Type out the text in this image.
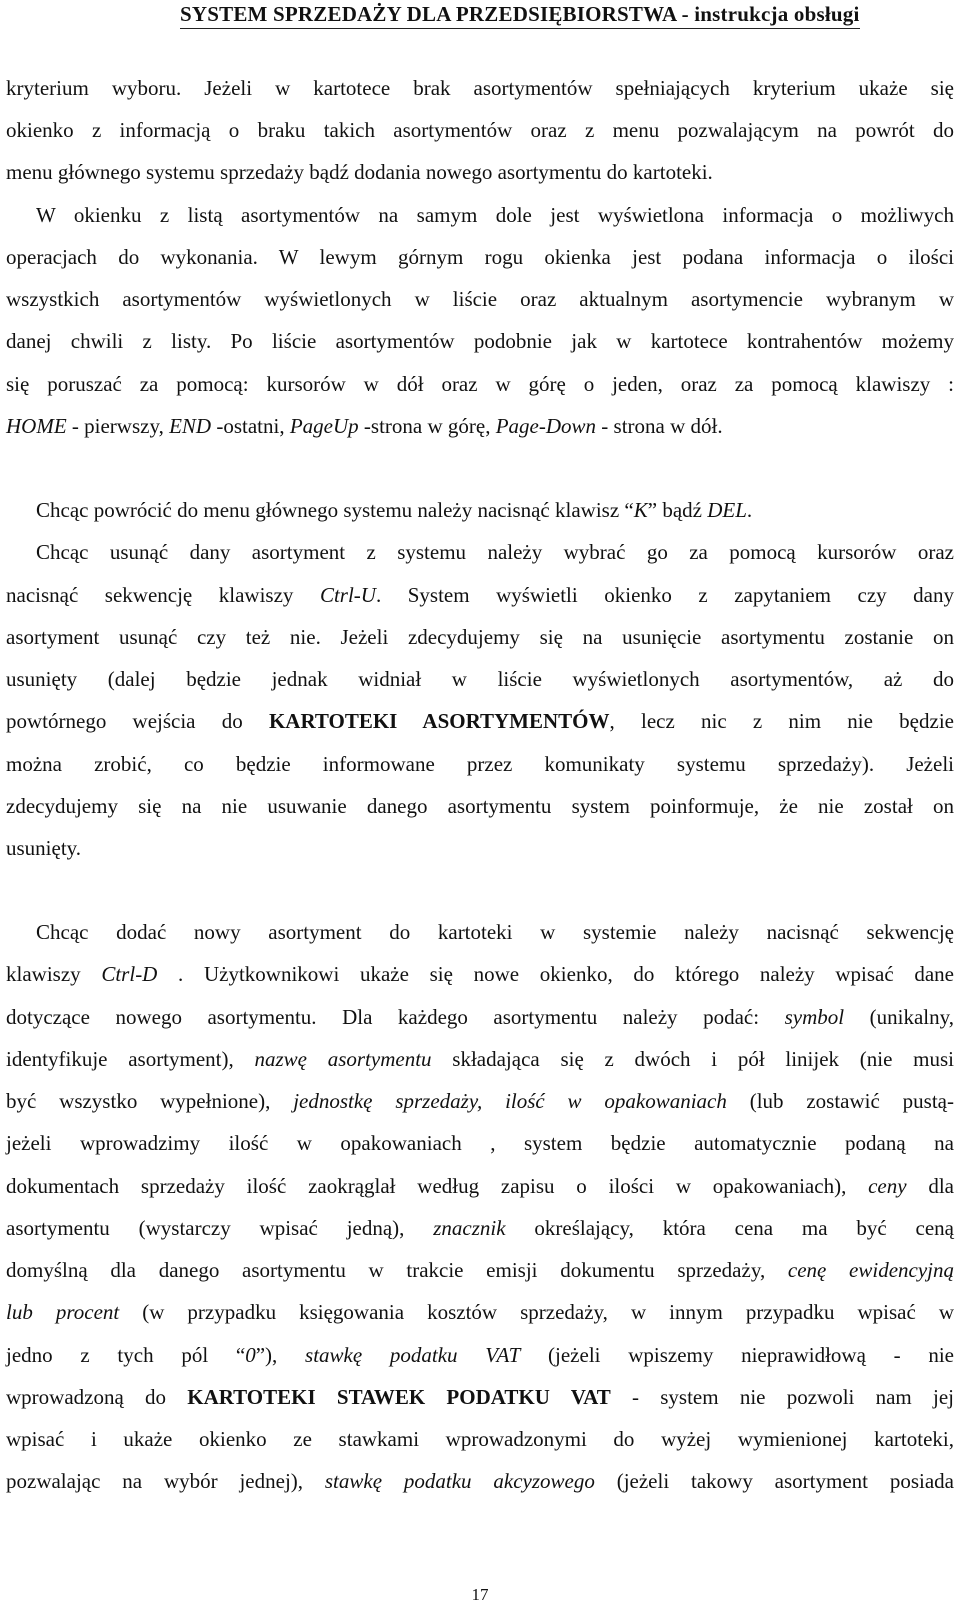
SYSTEM SPRZEDAŻY DLA PRZEDSIĘBIORSTWA - instrukcja obsługi
kryterium wyboru. Jeżeli w kartotece brak asortymentów spełniających kryterium ukaże się
okienko z informacją o braku takich asortymentów oraz z menu pozwalającym na powrót do
menu głównego systemu sprzedaży bądź dodania nowego asortymentu do kartoteki.
W okienku z listą asortymentów na samym dole jest wyświetlona informacja o możliwych
operacjach do wykonania. W lewym górnym rogu okienka jest podana informacja o ilości
wszystkich asortymentów wyświetlonych w liście oraz aktualnym asortymencie wybranym w
danej chwili z listy. Po liście asortymentów podobnie jak w kartotece kontrahentów możemy
się poruszać za pomocą: kursorów w dół oraz w górę o jeden, oraz za pomocą klawiszy :
HOME - pierwszy, END -ostatni, PageUp -strona w górę, Page-Down - strona w dół.
Chcąc powrócić do menu głównego systemu należy nacisnąć klawisz “K” bądź DEL.
Chcąc usunąć dany asortyment z systemu należy wybrać go za pomocą kursorów oraz
nacisnąć sekwencję klawiszy Ctrl-U. System wyświetli okienko z zapytaniem czy dany
asortyment usunąć czy też nie. Jeżeli zdecydujemy się na usunięcie asortymentu zostanie on
usunięty (dalej będzie jednak widniał w liście wyświetlonych asortymentów, aż do
powtórnego wejścia do KARTOTEKI ASORTYMENTÓW, lecz nic z nim nie będzie
można zrobić, co będzie informowane przez komunikaty systemu sprzedaży). Jeżeli
zdecydujemy się na nie usuwanie danego asortymentu system poinformuje, że nie został on
usunięty.
Chcąc dodać nowy asortyment do kartoteki w systemie należy nacisnąć sekwencję
klawiszy Ctrl-D . Użytkownikowi ukaże się nowe okienko, do którego należy wpisać dane
dotyczące nowego asortymentu. Dla każdego asortymentu należy podać: symbol (unikalny,
identyfikuje asortyment), nazwę asortymentu składająca się z dwóch i pół linijek (nie musi
być wszystko wypełnione), jednostkę sprzedaży, ilość w opakowaniach (lub zostawić pustą-
jeżeli wprowadzimy ilość w opakowaniach , system będzie automatycznie podaną na
dokumentach sprzedaży ilość zaokrąglał według zapisu o ilości w opakowaniach), ceny dla
asortymentu (wystarczy wpisać jedną), znacznik określający, która cena ma być ceną
domyślną dla danego asortymentu w trakcie emisji dokumentu sprzedaży, cenę ewidencyjną
lub procent (w przypadku księgowania kosztów sprzedaży, w innym przypadku wpisać w
jedno z tych pól “0”), stawkę podatku VAT (jeżeli wpiszemy nieprawidłową - nie
wprowadzoną do KARTOTEKI STAWEK PODATKU VAT - system nie pozwoli nam jej
wpisać i ukaże okienko ze stawkami wprowadzonymi do wyżej wymienionej kartoteki,
pozwalając na wybór jednej), stawkę podatku akcyzowego (jeżeli takowy asortyment posiada
17
